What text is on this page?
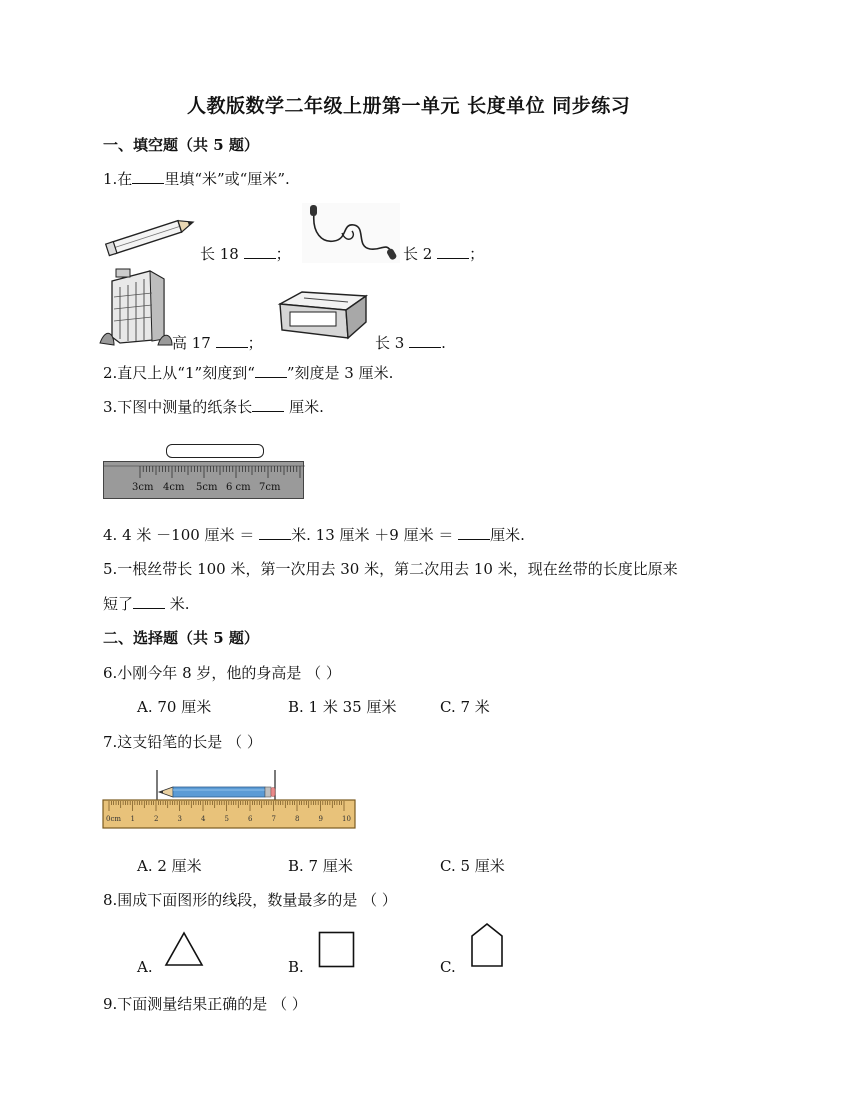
人教版数学二年级上册第一单元 长度单位 同步练习
一、填空题（共 5 题）
1.在 里填“米”或“厘米”.
长 18 ；	长 2 ；
高 17 ；	长 3 .
2.直尺上从“1”刻度到“ ”刻度是 3 厘米.
3.下图中测量的纸条长 厘米.
3cm 4cm 5cm 6 cm 7cm
4. 4 米 －100 厘米 ＝ 米. 13 厘米 ＋9 厘米 ＝ 厘米.
5.一根丝带长 100 米，第一次用去 30 米，第二次用去 10 米，现在丝带的长度比原来
短了 米.
二、选择题（共 5 题）
6.小刚今年 8 岁，他的身高是 （ ）
A. 70 厘米	B. 1 米 35 厘米	C. 7 米
7.这支铅笔的长是 （ ）
0cm 1	2	3	4	5	6	7	8	9	10
A. 2 厘米	B. 7 厘米	C. 5 厘米
8.围成下面图形的线段，数量最多的是 （ ）
A.	B.	C.
9.下面测量结果正确的是 （ ）
